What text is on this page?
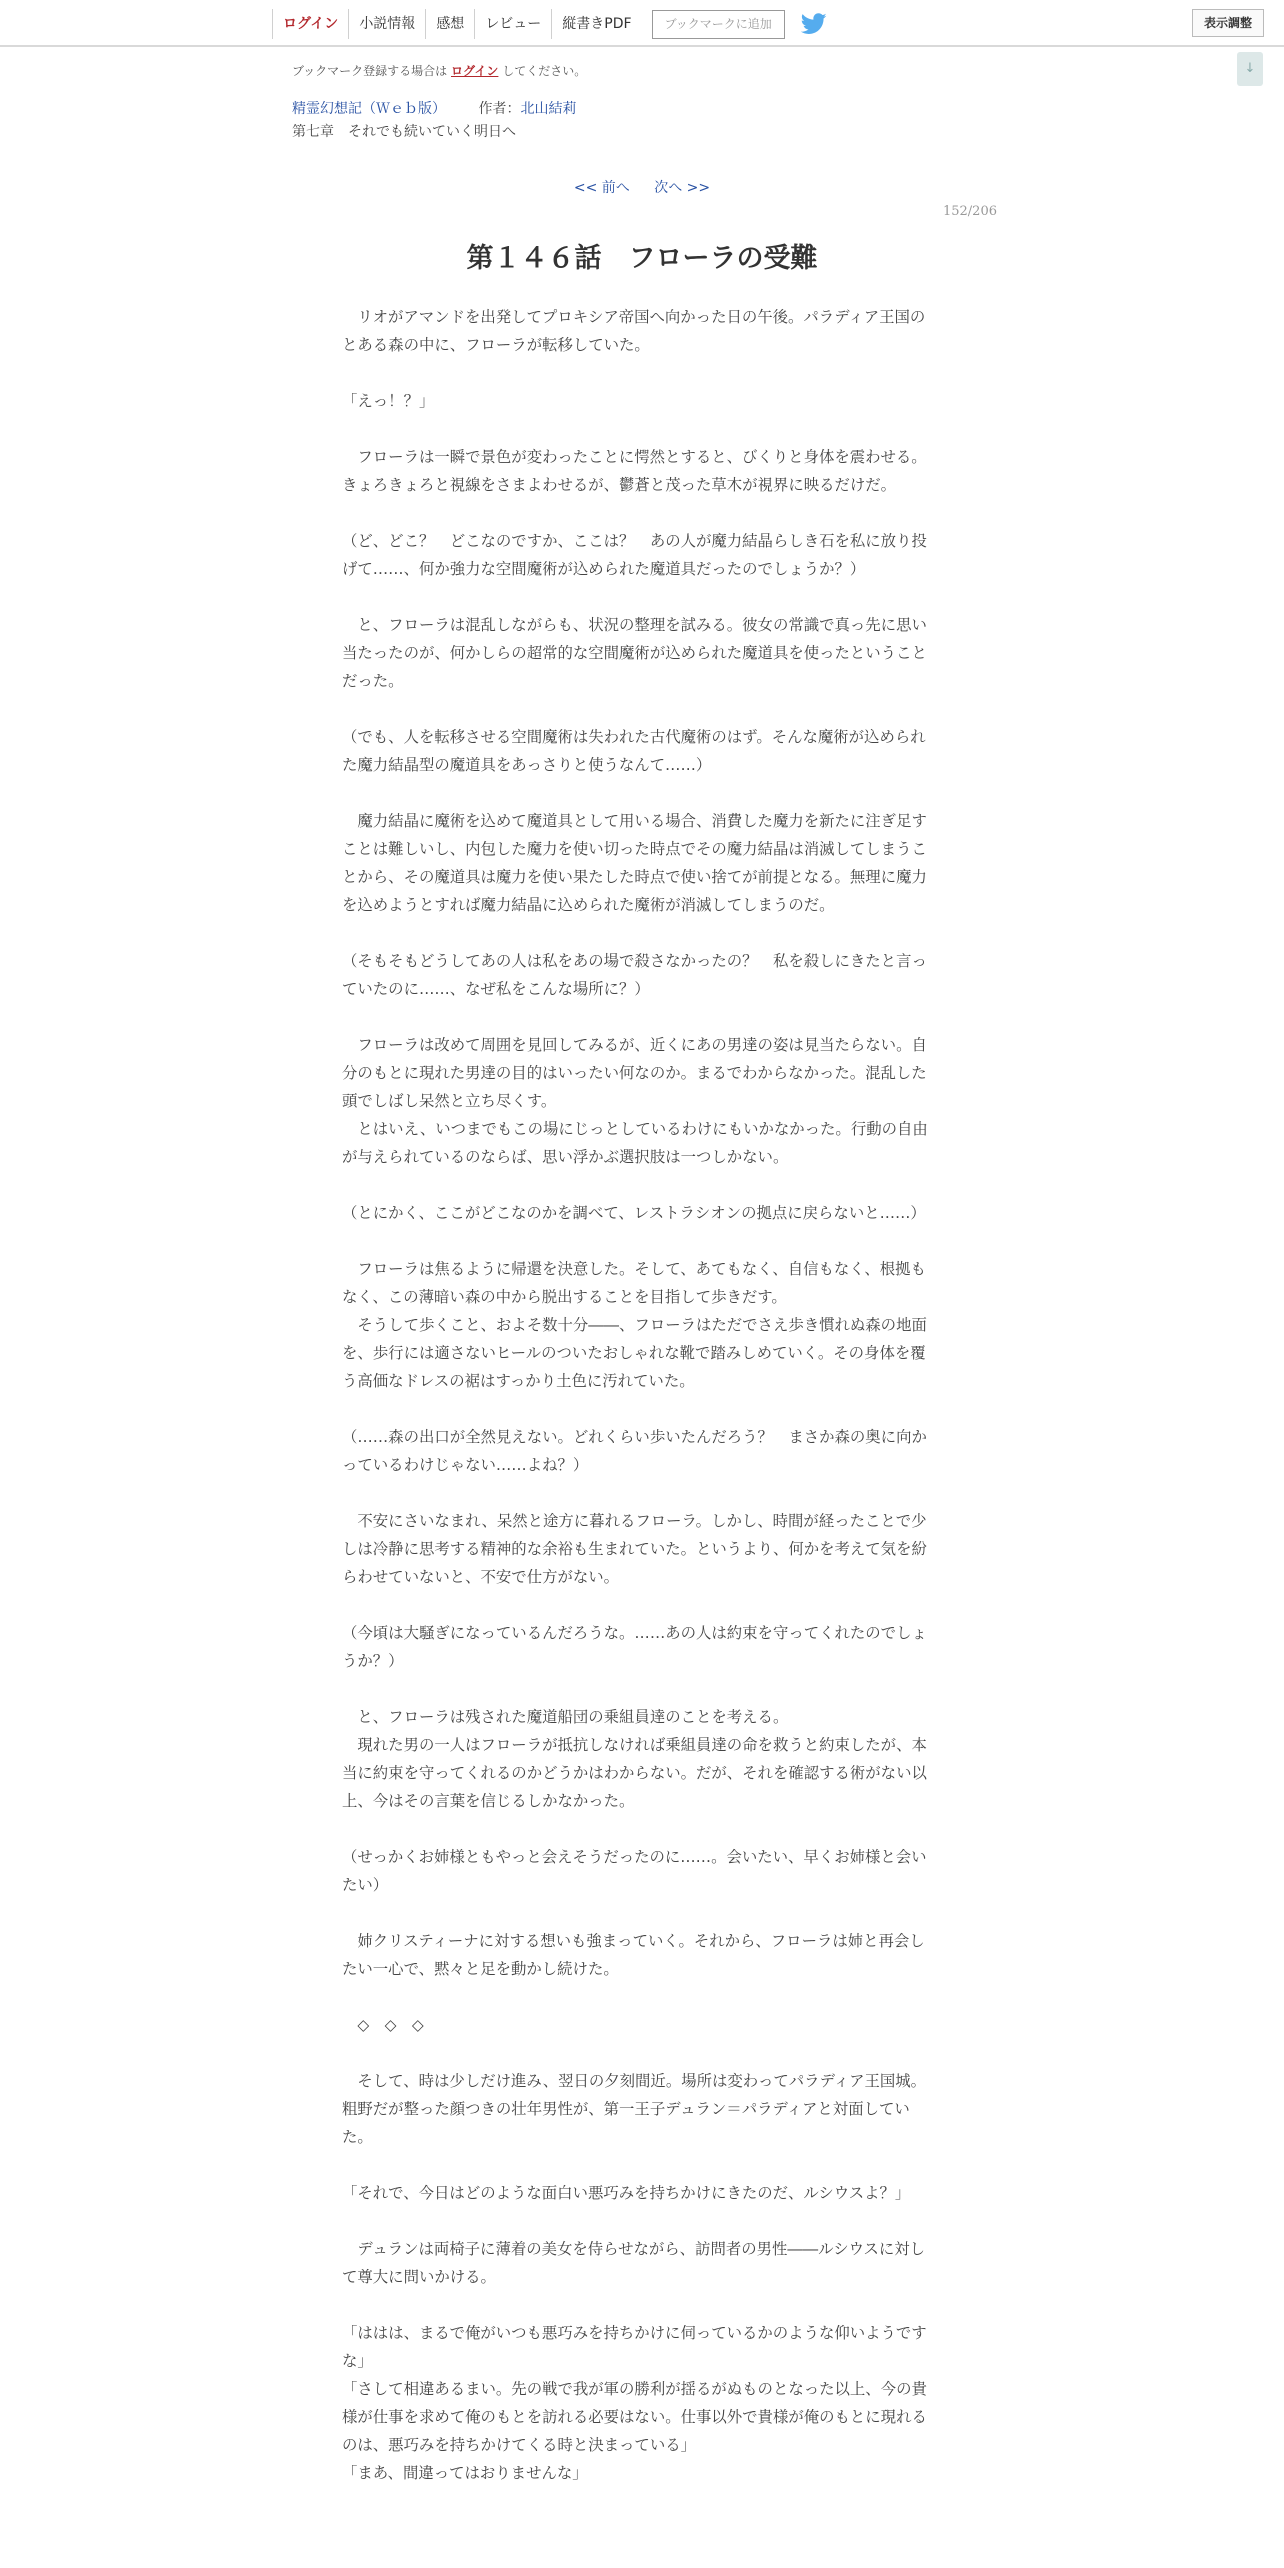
ログイン	小説情報	感想	レビュー	縦書きPDF	ブックマークに追加	表示調整
↓
ブックマーク登録する場合は ログイン してください。
精霊幻想記（Ｗｅｂ版） 作者：北山結莉
第七章　それでも続いていく明日へ
<< 前へ 次へ >>
152/206
第１４６話　フローラの受難

　リオがアマンドを出発してプロキシア帝国へ向かった日の午後。パラディア王国のとある森の中に、フローラが転移していた。

「えっ！？」

　フローラは一瞬で景色が変わったことに愕然とすると、びくりと身体を震わせる。きょろきょろと視線をさまよわせるが、鬱蒼と茂った草木が視界に映るだけだ。

（ど、どこ？　どこなのですか、ここは？　あの人が魔力結晶らしき石を私に放り投げて……、何か強力な空間魔術が込められた魔道具だったのでしょうか？）

　と、フローラは混乱しながらも、状況の整理を試みる。彼女の常識で真っ先に思い当たったのが、何かしらの超常的な空間魔術が込められた魔道具を使ったということだった。

（でも、人を転移させる空間魔術は失われた古代魔術のはず。そんな魔術が込められた魔力結晶型の魔道具をあっさりと使うなんて……）

　魔力結晶に魔術を込めて魔道具として用いる場合、消費した魔力を新たに注ぎ足すことは難しいし、内包した魔力を使い切った時点でその魔力結晶は消滅してしまうことから、その魔道具は魔力を使い果たした時点で使い捨てが前提となる。無理に魔力を込めようとすれば魔力結晶に込められた魔術が消滅してしまうのだ。

（そもそもどうしてあの人は私をあの場で殺さなかったの？　私を殺しにきたと言っていたのに……、なぜ私をこんな場所に？）

　フローラは改めて周囲を見回してみるが、近くにあの男達の姿は見当たらない。自分のもとに現れた男達の目的はいったい何なのか。まるでわからなかった。混乱した頭でしばし呆然と立ち尽くす。

　とはいえ、いつまでもこの場にじっとしているわけにもいかなかった。行動の自由が与えられているのならば、思い浮かぶ選択肢は一つしかない。

（とにかく、ここがどこなのかを調べて、レストラシオンの拠点に戻らないと……）

　フローラは焦るように帰還を決意した。そして、あてもなく、自信もなく、根拠もなく、この薄暗い森の中から脱出することを目指して歩きだす。

　そうして歩くこと、およそ数十分――、フローラはただでさえ歩き慣れぬ森の地面を、歩行には適さないヒールのついたおしゃれな靴で踏みしめていく。その身体を覆う高価なドレスの裾はすっかり土色に汚れていた。

（……森の出口が全然見えない。どれくらい歩いたんだろう？　まさか森の奥に向かっているわけじゃない……よね？）

　不安にさいなまれ、呆然と途方に暮れるフローラ。しかし、時間が経ったことで少しは冷静に思考する精神的な余裕も生まれていた。というより、何かを考えて気を紛らわせていないと、不安で仕方がない。

（今頃は大騒ぎになっているんだろうな。……あの人は約束を守ってくれたのでしょうか？）

　と、フローラは残された魔道船団の乗組員達のことを考える。

　現れた男の一人はフローラが抵抗しなければ乗組員達の命を救うと約束したが、本当に約束を守ってくれるのかどうかはわからない。だが、それを確認する術がない以上、今はその言葉を信じるしかなかった。

（せっかくお姉様ともやっと会えそうだったのに……。会いたい、早くお姉様と会いたい）

　姉クリスティーナに対する想いも強まっていく。それから、フローラは姉と再会したい一心で、黙々と足を動かし続けた。

　◇　◇　◇

　そして、時は少しだけ進み、翌日の夕刻間近。場所は変わってパラディア王国城。粗野だが整った顔つきの壮年男性が、第一王子デュラン＝パラディアと対面していた。

「それで、今日はどのような面白い悪巧みを持ちかけにきたのだ、ルシウスよ？」

　デュランは両椅子に薄着の美女を侍らせながら、訪問者の男性――ルシウスに対して尊大に問いかける。

「ははは、まるで俺がいつも悪巧みを持ちかけに伺っているかのような仰いようですな」

「さして相違あるまい。先の戦で我が軍の勝利が揺るがぬものとなった以上、今の貴様が仕事を求めて俺のもとを訪れる必要はない。仕事以外で貴様が俺のもとに現れるのは、悪巧みを持ちかけてくる時と決まっている」

「まあ、間違ってはおりませんな」
